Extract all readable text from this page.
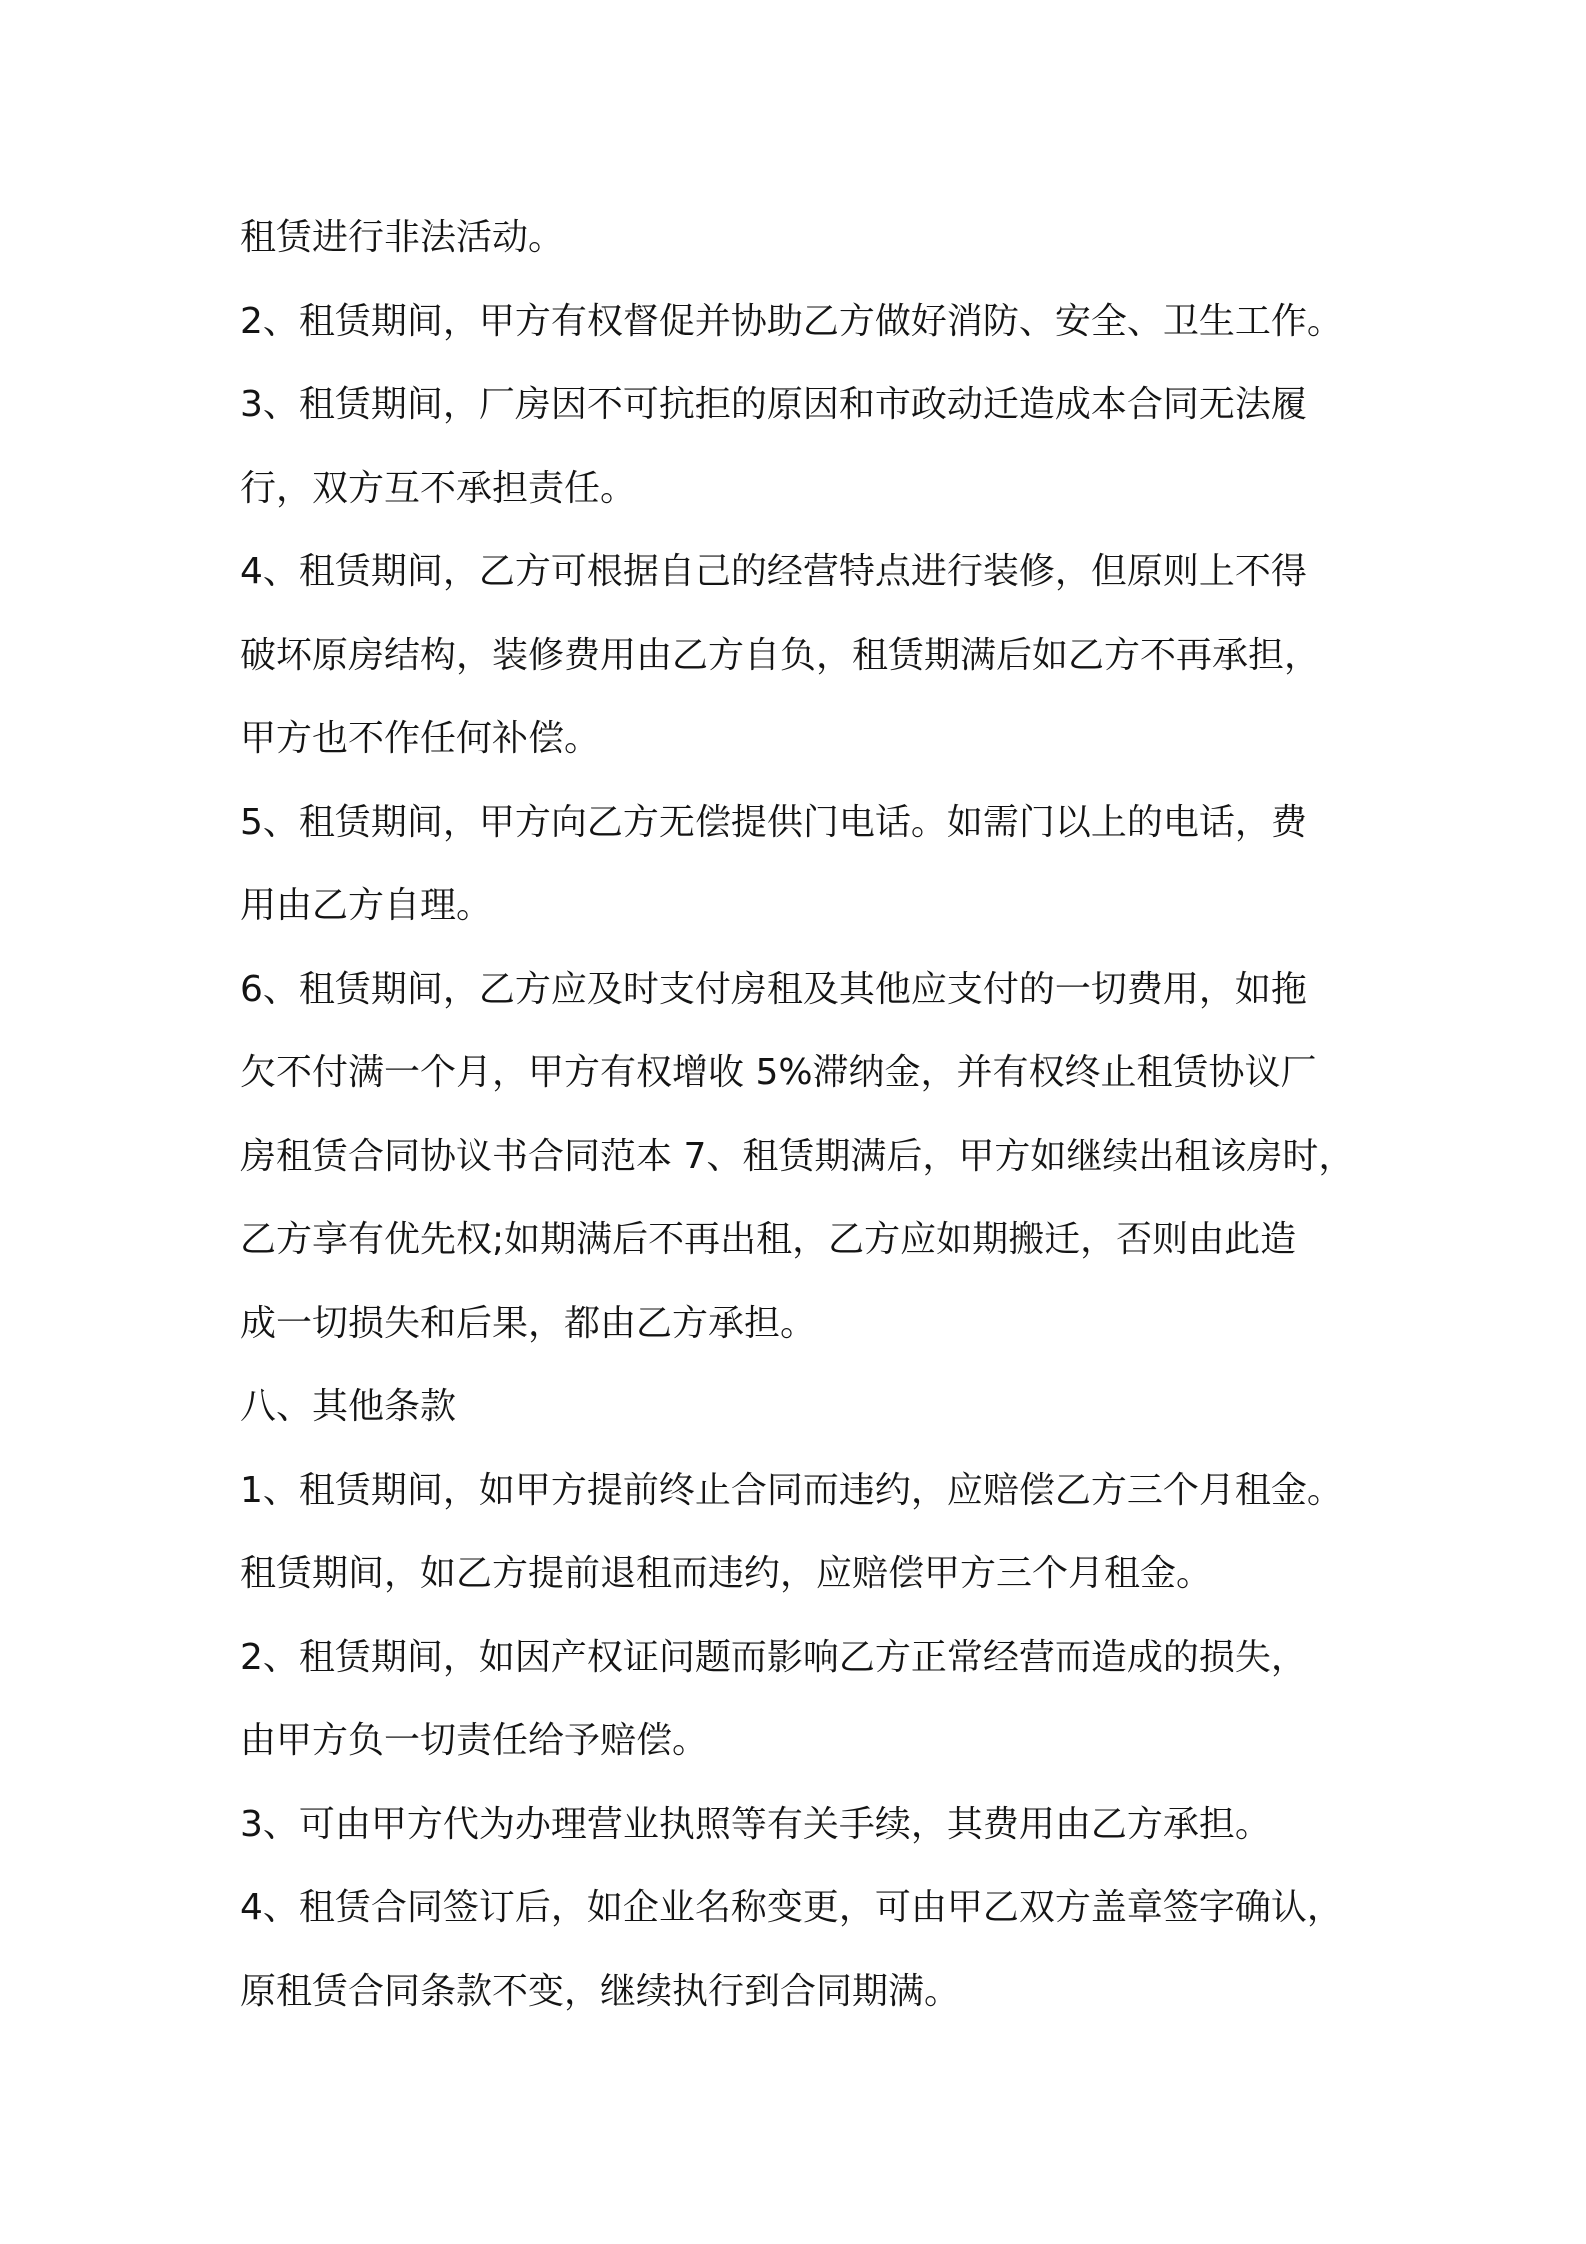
租赁进行非法活动。
2、租赁期间，甲方有权督促并协助乙方做好消防、安全、卫生工作。
3、租赁期间，厂房因不可抗拒的原因和市政动迁造成本合同无法履
行，双方互不承担责任。
4、租赁期间，乙方可根据自己的经营特点进行装修，但原则上不得
破坏原房结构，装修费用由乙方自负，租赁期满后如乙方不再承担，
甲方也不作任何补偿。
5、租赁期间，甲方向乙方无偿提供门电话。如需门以上的电话，费
用由乙方自理。
6、租赁期间，乙方应及时支付房租及其他应支付的一切费用，如拖
欠不付满一个月，甲方有权增收 5%滞纳金，并有权终止租赁协议厂
房租赁合同协议书合同范本 7、租赁期满后，甲方如继续出租该房时，
乙方享有优先权;如期满后不再出租，乙方应如期搬迁，否则由此造
成一切损失和后果，都由乙方承担。
八、其他条款
1、租赁期间，如甲方提前终止合同而违约，应赔偿乙方三个月租金。
租赁期间，如乙方提前退租而违约，应赔偿甲方三个月租金。
2、租赁期间，如因产权证问题而影响乙方正常经营而造成的损失，
由甲方负一切责任给予赔偿。
3、可由甲方代为办理营业执照等有关手续，其费用由乙方承担。
4、租赁合同签订后，如企业名称变更，可由甲乙双方盖章签字确认，
原租赁合同条款不变，继续执行到合同期满。
